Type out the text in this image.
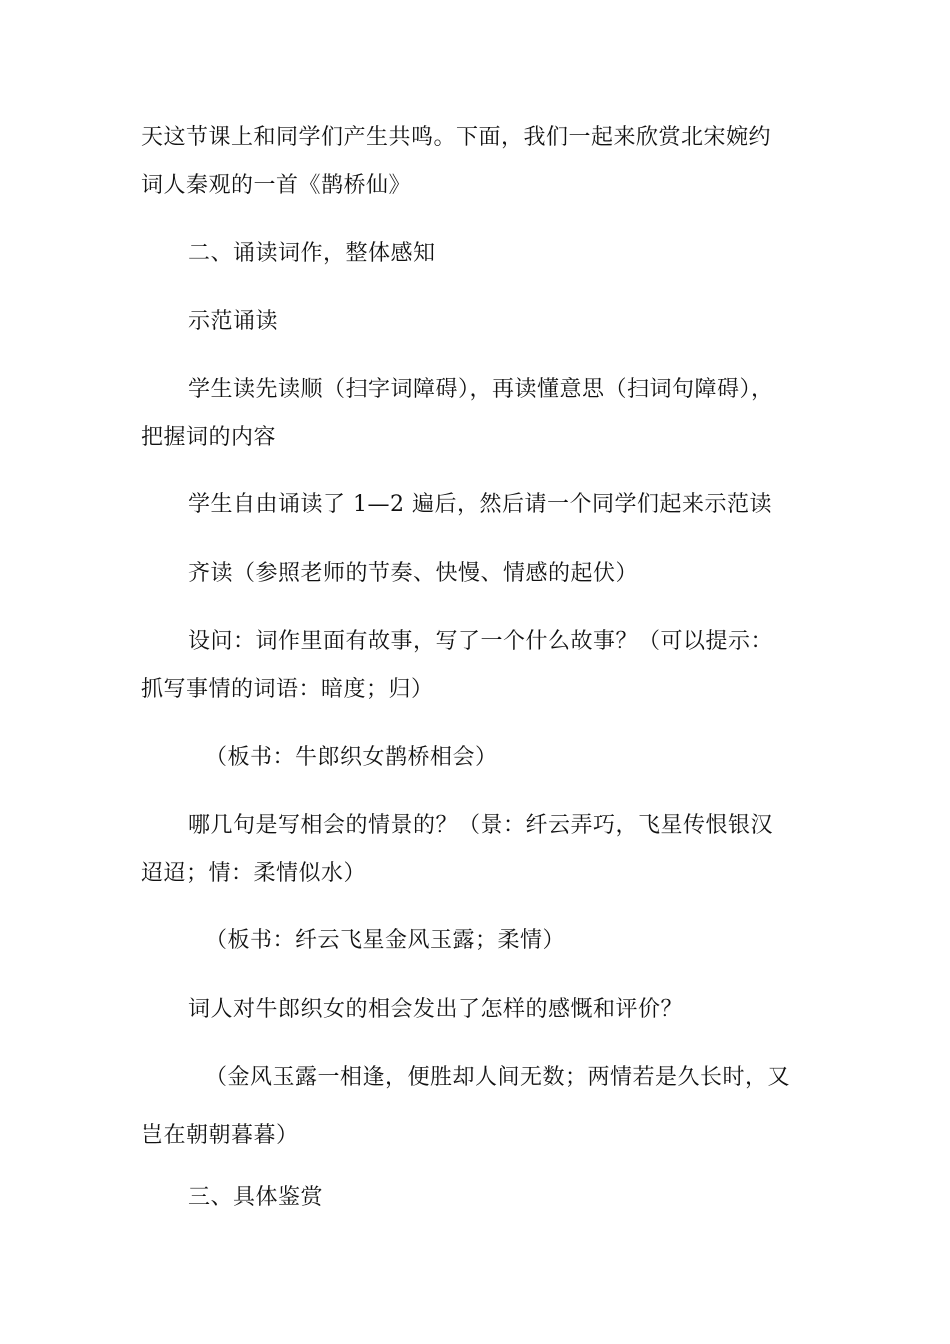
天这节课上和同学们产生共鸣。下面，我们一起来欣赏北宋婉约
词人秦观的一首《鹊桥仙》
二、诵读词作，整体感知
示范诵读
学生读先读顺（扫字词障碍），再读懂意思（扫词句障碍），
把握词的内容
学生自由诵读了 1—2 遍后，然后请一个同学们起来示范读
齐读（参照老师的节奏、快慢、情感的起伏）
设问：词作里面有故事，写了一个什么故事？（可以提示：
抓写事情的词语：暗度；归）
（板书：牛郎织女鹊桥相会）
哪几句是写相会的情景的？（景：纤云弄巧，飞星传恨银汉
迢迢；情：柔情似水）
（板书：纤云飞星金风玉露；柔情）
词人对牛郎织女的相会发出了怎样的感慨和评价？
（金风玉露一相逢，便胜却人间无数；两情若是久长时，又
岂在朝朝暮暮）
三、具体鉴赏
